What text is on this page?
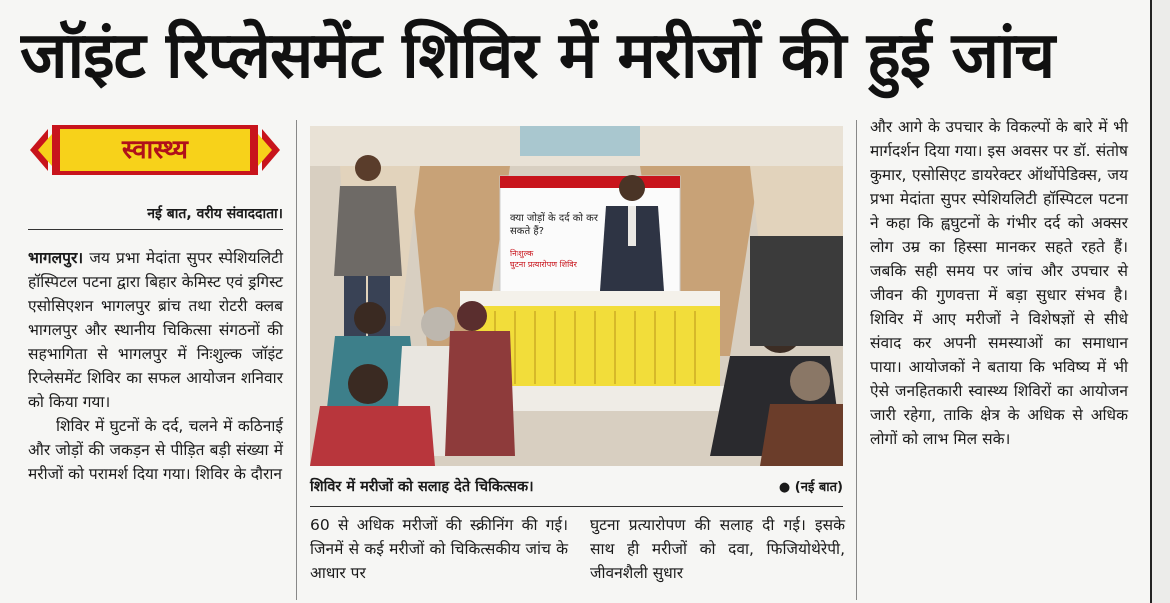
जॉइंट रिप्लेसमेंट शिविर में मरीजों की हुई जांच
स्वास्थ्य
नई बात, वरीय संवाददाता।

भागलपुर। जय प्रभा मेदांता सुपर स्पेशियलिटी हॉस्पिटल पटना द्वारा बिहार केमिस्ट एवं ड्रगिस्ट एसोसिएशन भागलपुर ब्रांच तथा रोटरी क्लब भागलपुर और स्थानीय चिकित्सा संगठनों की सहभागिता से भागलपुर में निःशुल्क जॉइंट रिप्लेसमेंट शिविर का सफल आयोजन शनिवार को किया गया।

शिविर में घुटनों के दर्द, चलने में कठिनाई और जोड़ों की जकड़न से पीड़ित बड़ी संख्या में मरीजों को परामर्श दिया गया। शिविर के दौरान

क्या जोड़ों के दर्द को कर
सकते हैं?
निःशुल्क
घुटना प्रत्यारोपण शिविर
शिविर में मरीजों को सलाह देते चिकित्सक।	● (नई बात)
60 से अधिक मरीजों की स्क्रीनिंग की गई। जिनमें से कई मरीजों को चिकित्सकीय जांच के आधार पर
घुटना प्रत्यारोपण की सलाह दी गई। इसके साथ ही मरीजों को दवा, फिजियोथेरेपी, जीवनशैली सुधार
और आगे के उपचार के विकल्पों के बारे में भी मार्गदर्शन दिया गया। इस अवसर पर डॉ. संतोष कुमार, एसोसिएट डायरेक्टर ऑर्थोपेडिक्स, जय प्रभा मेदांता सुपर स्पेशियलिटी हॉस्पिटल पटना ने कहा कि ह्वघुटनों के गंभीर दर्द को अक्सर लोग उम्र का हिस्सा मानकर सहते रहते हैं। जबकि सही समय पर जांच और उपचार से जीवन की गुणवत्ता में बड़ा सुधार संभव है। शिविर में आए मरीजों ने विशेषज्ञों से सीधे संवाद कर अपनी समस्याओं का समाधान पाया। आयोजकों ने बताया कि भविष्य में भी ऐसे जनहितकारी स्वास्थ्य शिविरों का आयोजन जारी रहेगा, ताकि क्षेत्र के अधिक से अधिक लोगों को लाभ मिल सके।
